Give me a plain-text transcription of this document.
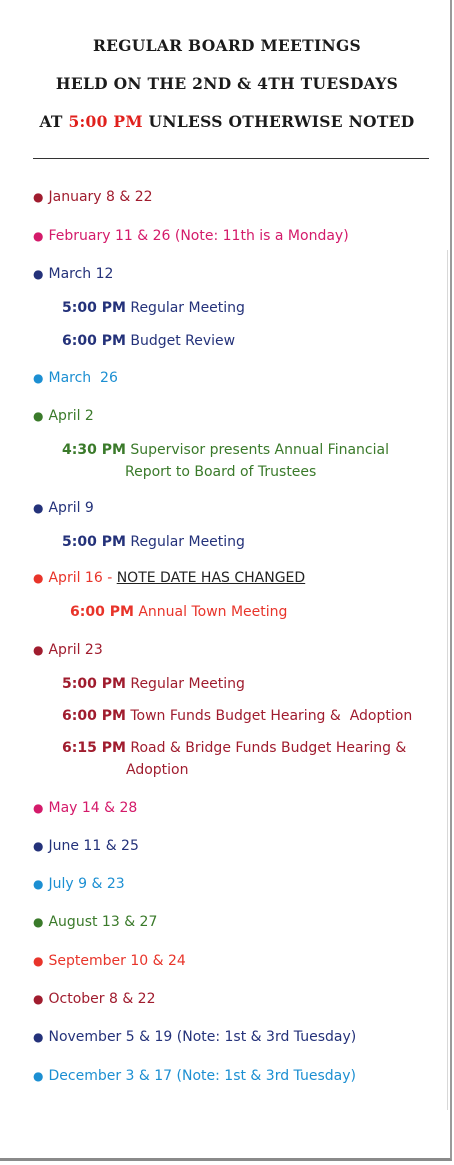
REGULAR BOARD MEETINGS
HELD ON THE 2ND & 4TH TUESDAYS
AT 5:00 PM UNLESS OTHERWISE NOTED
● January 8 & 22
● February 11 & 26 (Note: 11th is a Monday)
● March 12
5:00 PM Regular Meeting
6:00 PM Budget Review
● March  26
● April 2
4:30 PM Supervisor presents Annual Financial
Report to Board of Trustees
● April 9
5:00 PM Regular Meeting
● April 16 - NOTE DATE HAS CHANGED
6:00 PM Annual Town Meeting
● April 23
5:00 PM Regular Meeting
6:00 PM Town Funds Budget Hearing &  Adoption
6:15 PM Road & Bridge Funds Budget Hearing &
Adoption
● May 14 & 28
● June 11 & 25
● July 9 & 23
● August 13 & 27
● September 10 & 24
● October 8 & 22
● November 5 & 19 (Note: 1st & 3rd Tuesday)
● December 3 & 17 (Note: 1st & 3rd Tuesday)
